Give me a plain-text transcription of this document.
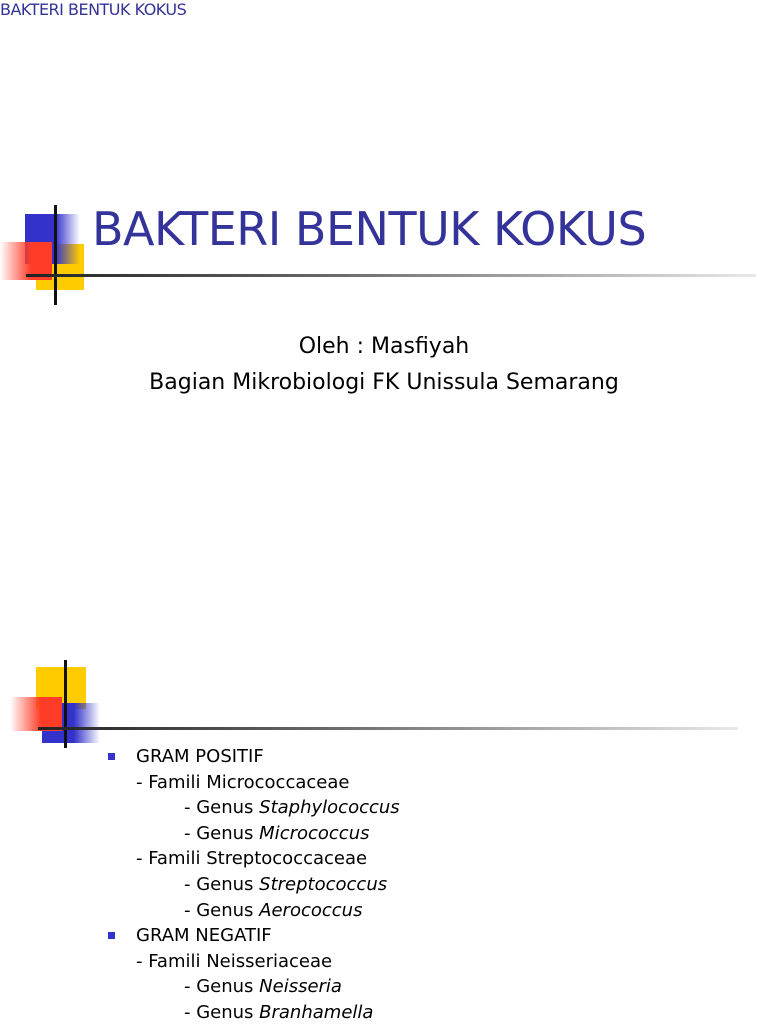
BAKTERI BENTUK KOKUS
Oleh : Masfiyah
Bagian Mikrobiologi FK Unissula Semarang
BAKTERI BENTUK KOKUS
GRAM POSITIF
- Famili Micrococcaceae
- Genus Staphylococcus
- Genus Micrococcus
- Famili Streptococcaceae
- Genus Streptococcus
- Genus Aerococcus
GRAM NEGATIF
- Famili Neisseriaceae
- Genus Neisseria
- Genus Branhamella
